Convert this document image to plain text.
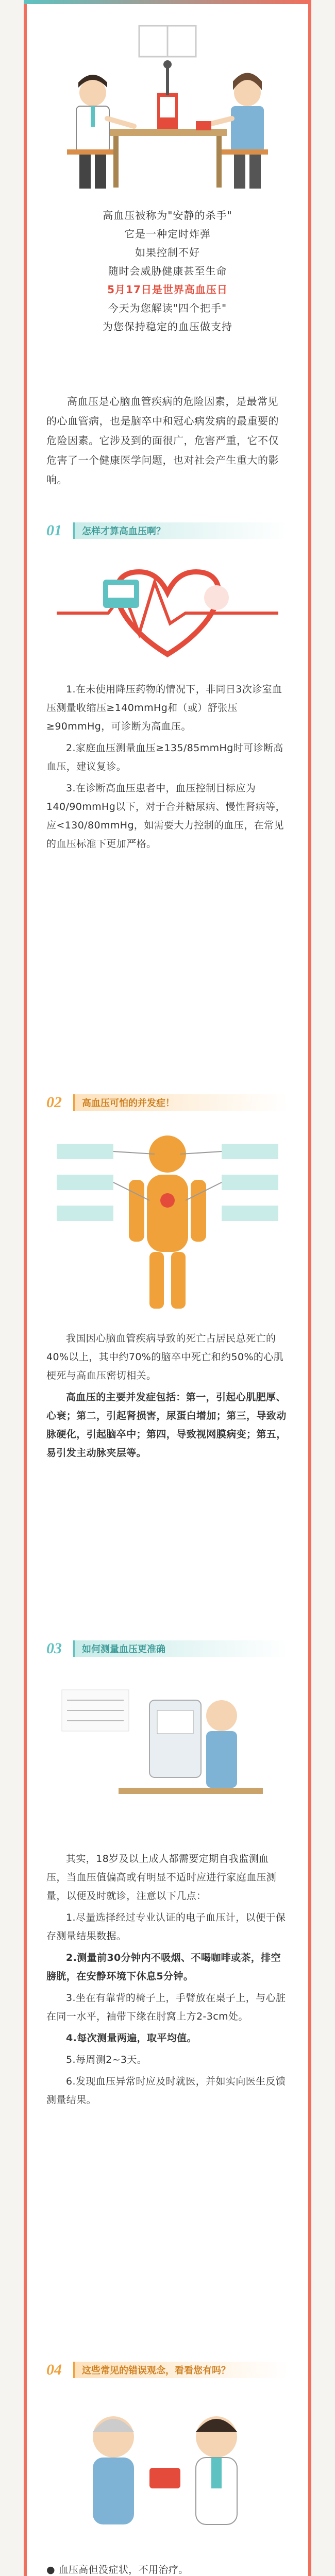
高血压被称为"安静的杀手"
它是一种定时炸弹
如果控制不好
随时会威胁健康甚至生命
5月17日是世界高血压日
今天为您解读"四个把手"
为您保持稳定的血压做支持
高血压是心脑血管疾病的危险因素，是最常见的心血管病，也是脑卒中和冠心病发病的最重要的危险因素。它涉及到的面很广，危害严重，它不仅危害了一个健康医学问题，也对社会产生重大的影响。
01	怎样才算高血压啊？

1.在未使用降压药物的情况下，非同日3次诊室血压测量收缩压≥140mmHg和（或）舒张压≥90mmHg，可诊断为高血压。

2.家庭血压测量血压≥135/85mmHg时可诊断高血压，建议复诊。

3.在诊断高血压患者中，血压控制目标应为140/90mmHg以下，对于合并糖尿病、慢性肾病等，应<130/80mmHg，如需要大力控制的血压，在常见的血压标准下更加严格。

02	高血压可怕的并发症！

我国因心脑血管疾病导致的死亡占居民总死亡的40%以上，其中约70%的脑卒中死亡和约50%的心肌梗死与高血压密切相关。

高血压的主要并发症包括：第一，引起心肌肥厚、心衰；第二，引起肾损害，尿蛋白增加；第三，导致动脉硬化，引起脑卒中；第四，导致视网膜病变；第五，易引发主动脉夹层等。

03	如何测量血压更准确

其实，18岁及以上成人都需要定期自我监测血压，当血压值偏高或有明显不适时应进行家庭血压测量，以便及时就诊，注意以下几点：

1.尽量选择经过专业认证的电子血压计，以便于保存测量结果数据。

2.测量前30分钟内不吸烟、不喝咖啡或茶，排空膀胱，在安静环境下休息5分钟。

3.坐在有靠背的椅子上，手臂放在桌子上，与心脏在同一水平，袖带下缘在肘窝上方2-3cm处。

4.每次测量两遍，取平均值。

5.每周测2~3天。

6.发现血压异常时应及时就医，并如实向医生反馈测量结果。

04	这些常见的错误观念，看看您有吗？
● 血压高但没症状，不用治疗。
